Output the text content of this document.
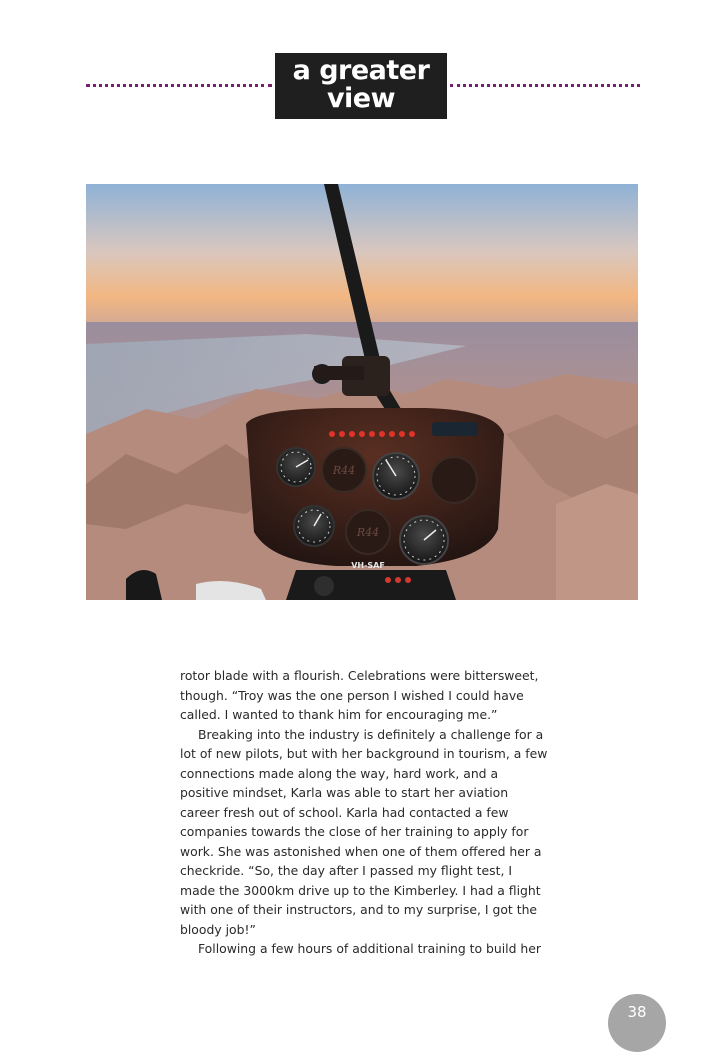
a greater
view
R44
R44
VH-SAF

rotor blade with a flourish. Celebrations were bittersweet, though. “Troy was the one person I wished I could have called. I wanted to thank him for encouraging me.”

Breaking into the industry is definitely a challenge for a lot of new pilots, but with her background in tourism, a few connections made along the way, hard work, and a positive mindset, Karla was able to start her aviation career fresh out of school. Karla had contacted a few companies towards the close of her training to apply for work. She was astonished when one of them offered her a checkride. “So, the day after I passed my flight test, I made the 3000km drive up to the Kimberley. I had a flight with one of their instructors, and to my surprise, I got the bloody job!”

Following a few hours of additional training to build her

38
